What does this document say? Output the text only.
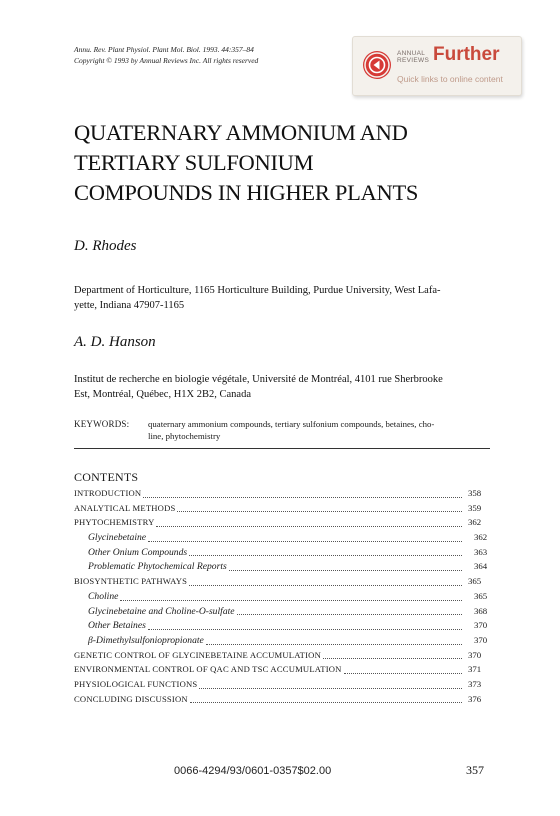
Annu. Rev. Plant Physiol. Plant Mol. Biol. 1993. 44:357–84
Copyright © 1993 by Annual Reviews Inc. All rights reserved
ANNUAL
REVIEWS Further
Quick links to online content
QUATERNARY AMMONIUM AND
TERTIARY SULFONIUM
COMPOUNDS IN HIGHER PLANTS
D. Rhodes
Department of Horticulture, 1165 Horticulture Building, Purdue University, West Lafa-
yette, Indiana 47907-1165
A. D. Hanson
Institut de recherche en biologie végétale, Université de Montréal, 4101 rue Sherbrooke
Est, Montréal, Québec, H1X 2B2, Canada
KEYWORDS: quaternary ammonium compounds, tertiary sulfonium compounds, betaines, cho-
line, phytochemistry
CONTENTS
INTRODUCTION	358
ANALYTICAL METHODS	359
PHYTOCHEMISTRY	362
Glycinebetaine	362
Other Onium Compounds	363
Problematic Phytochemical Reports	364
BIOSYNTHETIC PATHWAYS	365
Choline	365
Glycinebetaine and Choline-O-sulfate	368
Other Betaines	370
β-Dimethylsulfoniopropionate	370
GENETIC CONTROL OF GLYCINEBETAINE ACCUMULATION	370
ENVIRONMENTAL CONTROL OF QAC AND TSC ACCUMULATION	371
PHYSIOLOGICAL FUNCTIONS	373
CONCLUDING DISCUSSION	376
0066-4294/93/0601-0357$02.00	357
